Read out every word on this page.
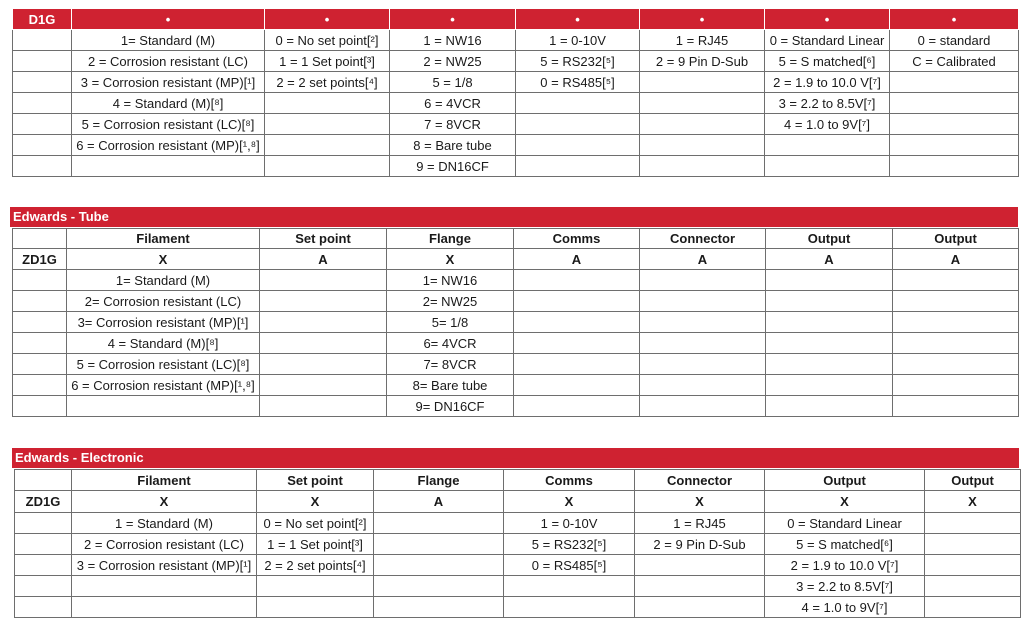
D1G	•	•	•	•	•	•	•
	1= Standard (M)	0 = No set point[²]	1 = NW16	1 = 0-10V	1 = RJ45	0 = Standard Linear	0 = standard
	2 = Corrosion resistant (LC)	1 = 1 Set point[³]	2 = NW25	5 = RS232[⁵]	2 = 9 Pin D-Sub	5 = S matched[⁶]	C = Calibrated
	3 = Corrosion resistant (MP)[¹]	2 = 2 set points[⁴]	5 = 1/8	0 = RS485[⁵]		2 = 1.9 to 10.0 V[⁷]	
	4 = Standard (M)[⁸]		6 = 4VCR			3 = 2.2 to 8.5V[⁷]	
	5 = Corrosion resistant (LC)[⁸]		7 = 8VCR			4 = 1.0 to 9V[⁷]	
	6 = Corrosion resistant (MP)[¹,⁸]		8 = Bare tube				
			9 = DN16CF				
Edwards - Tube
	Filament	Set point	Flange	Comms	Connector	Output	Output
ZD1G	X	A	X	A	A	A	A
	1= Standard (M)		1= NW16				
	2= Corrosion resistant (LC)		2= NW25				
	3= Corrosion resistant (MP)[¹]		5= 1/8				
	4 = Standard (M)[⁸]		6= 4VCR				
	5 = Corrosion resistant (LC)[⁸]		7= 8VCR				
	6 = Corrosion resistant (MP)[¹,⁸]		8= Bare tube				
			9= DN16CF				
Edwards - Electronic
	Filament	Set point	Flange	Comms	Connector	Output	Output
ZD1G	X	X	A	X	X	X	X
	1 = Standard (M)	0 = No set point[²]		1 = 0-10V	1 = RJ45	0 = Standard Linear	
	2 = Corrosion resistant (LC)	1 = 1 Set point[³]		5 = RS232[⁵]	2 = 9 Pin D-Sub	5 = S matched[⁶]	
	3 = Corrosion resistant (MP)[¹]	2 = 2 set points[⁴]		0 = RS485[⁵]		2 = 1.9 to 10.0 V[⁷]	
						3 = 2.2 to 8.5V[⁷]	
						4 = 1.0 to 9V[⁷]	
